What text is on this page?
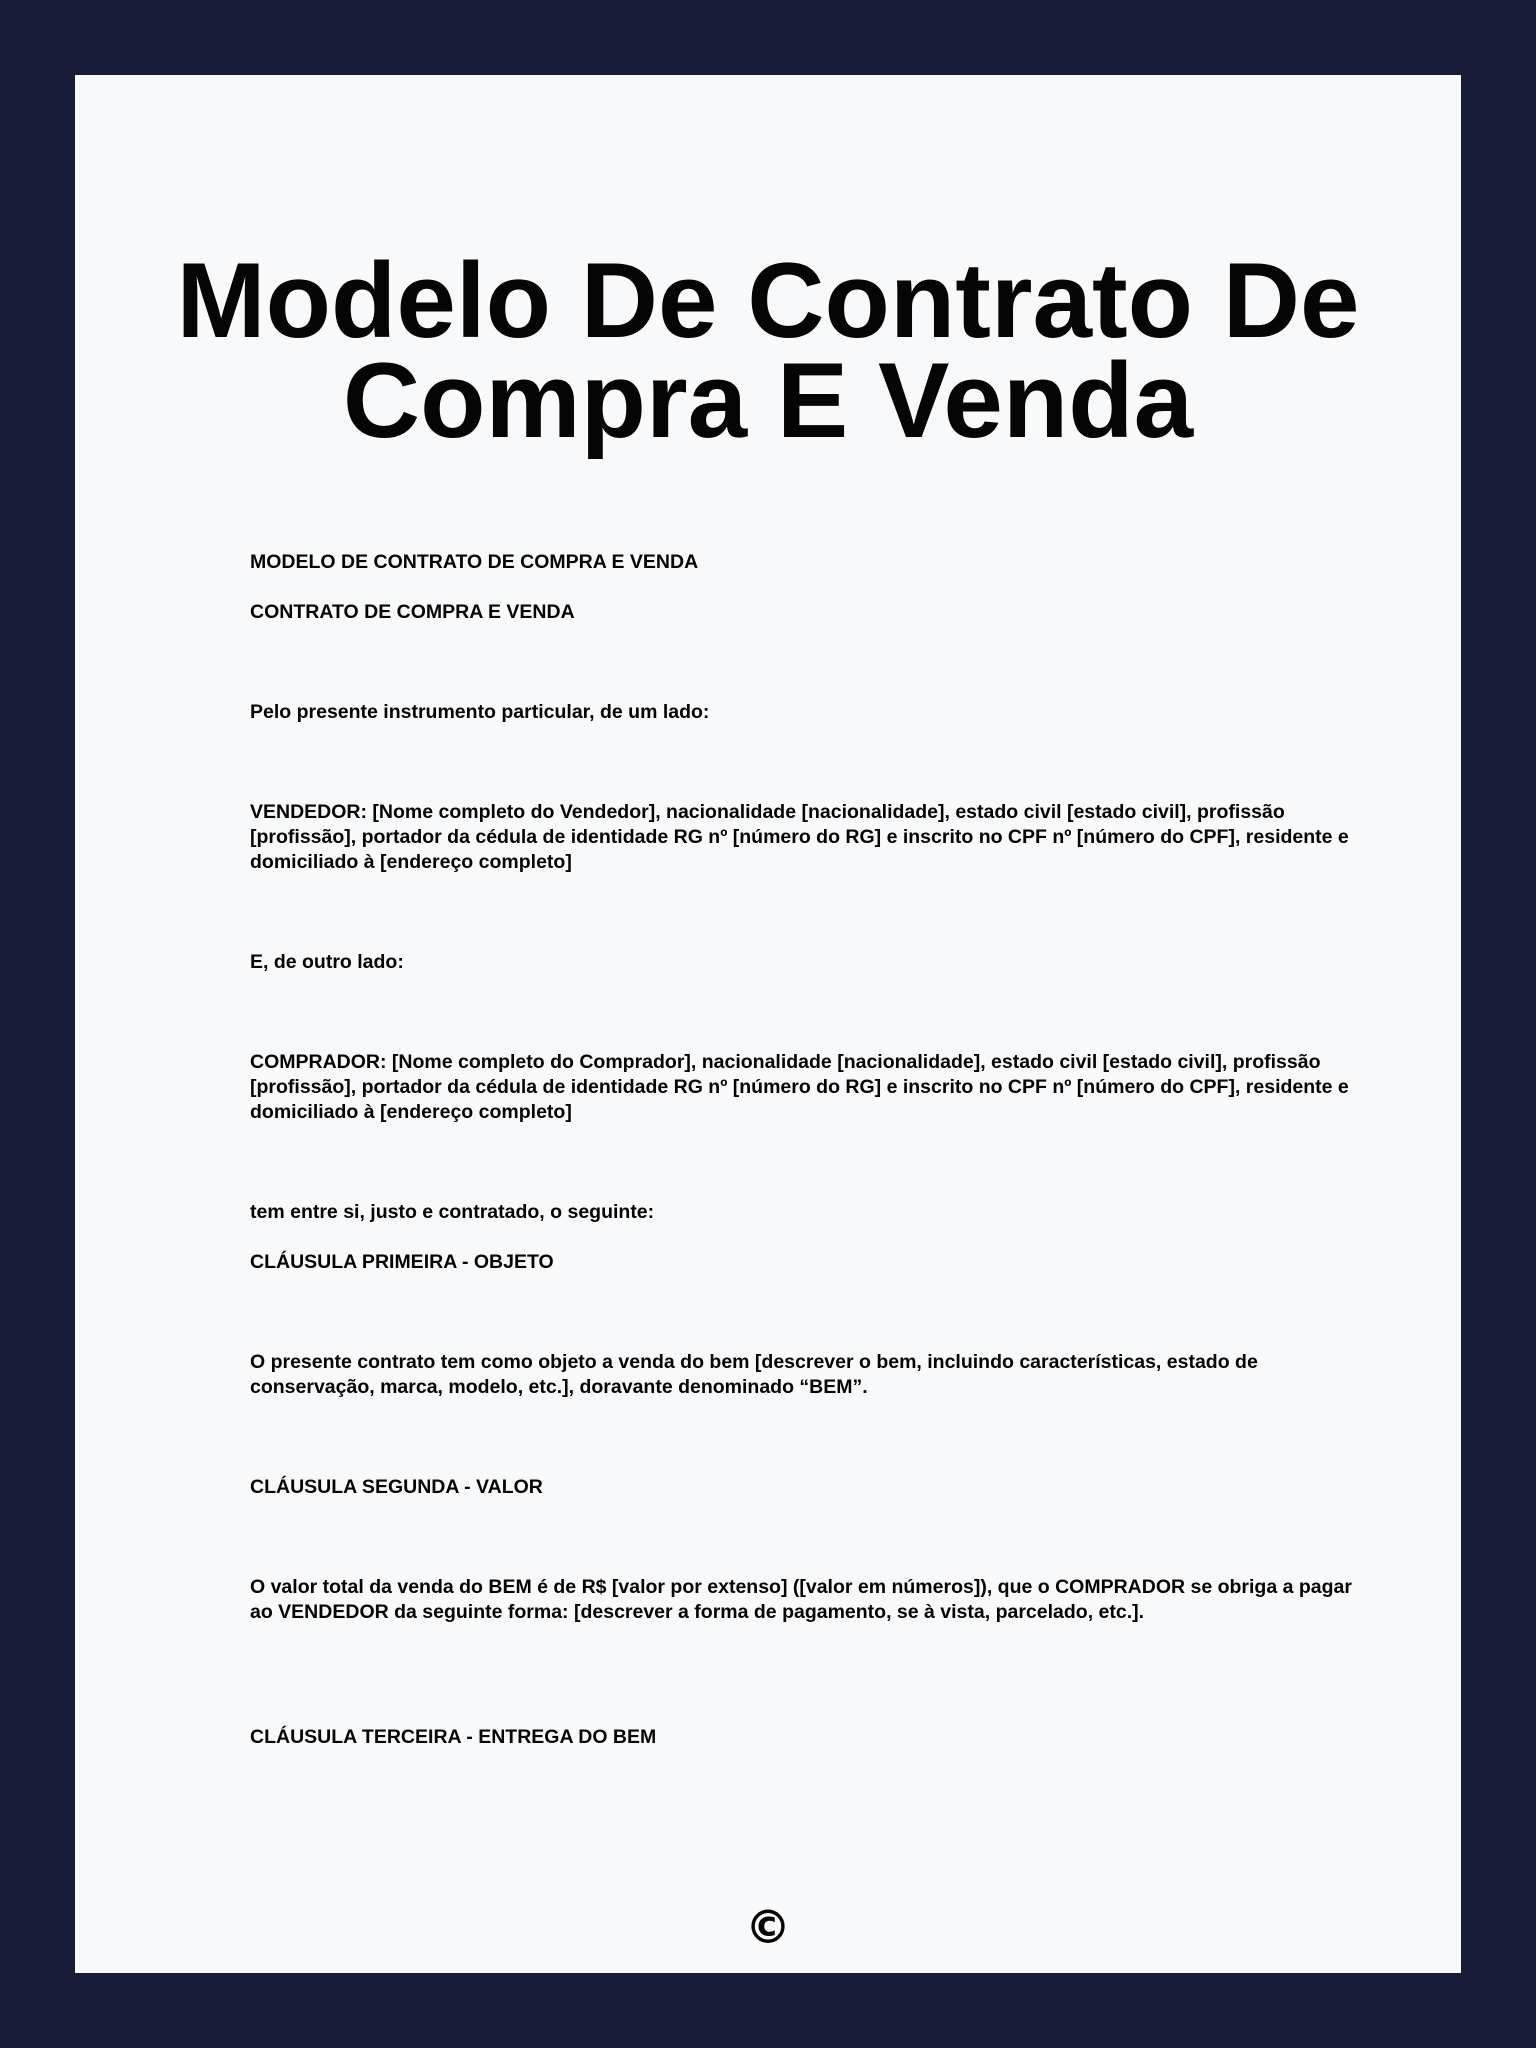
Modelo De Contrato De
Compra E Venda

MODELO DE CONTRATO DE COMPRA E VENDA

CONTRATO DE COMPRA E VENDA

Pelo presente instrumento particular, de um lado:

VENDEDOR: [Nome completo do Vendedor], nacionalidade [nacionalidade], estado civil [estado civil], profissão [profissão], portador da cédula de identidade RG nº [número do RG] e inscrito no CPF nº [número do CPF], residente e domiciliado à [endereço completo]

E, de outro lado:

COMPRADOR: [Nome completo do Comprador], nacionalidade [nacionalidade], estado civil [estado civil], profissão [profissão], portador da cédula de identidade RG nº [número do RG] e inscrito no CPF nº [número do CPF], residente e domiciliado à [endereço completo]

tem entre si, justo e contratado, o seguinte:

CLÁUSULA PRIMEIRA - OBJETO

O presente contrato tem como objeto a venda do bem [descrever o bem, incluindo características, estado de conservação, marca, modelo, etc.], doravante denominado “BEM”.

CLÁUSULA SEGUNDA - VALOR

O valor total da venda do BEM é de R$ [valor por extenso] ([valor em números]), que o COMPRADOR se obriga a pagar ao VENDEDOR da seguinte forma: [descrever a forma de pagamento, se à vista, parcelado, etc.].

CLÁUSULA TERCEIRA - ENTREGA DO BEM

©
